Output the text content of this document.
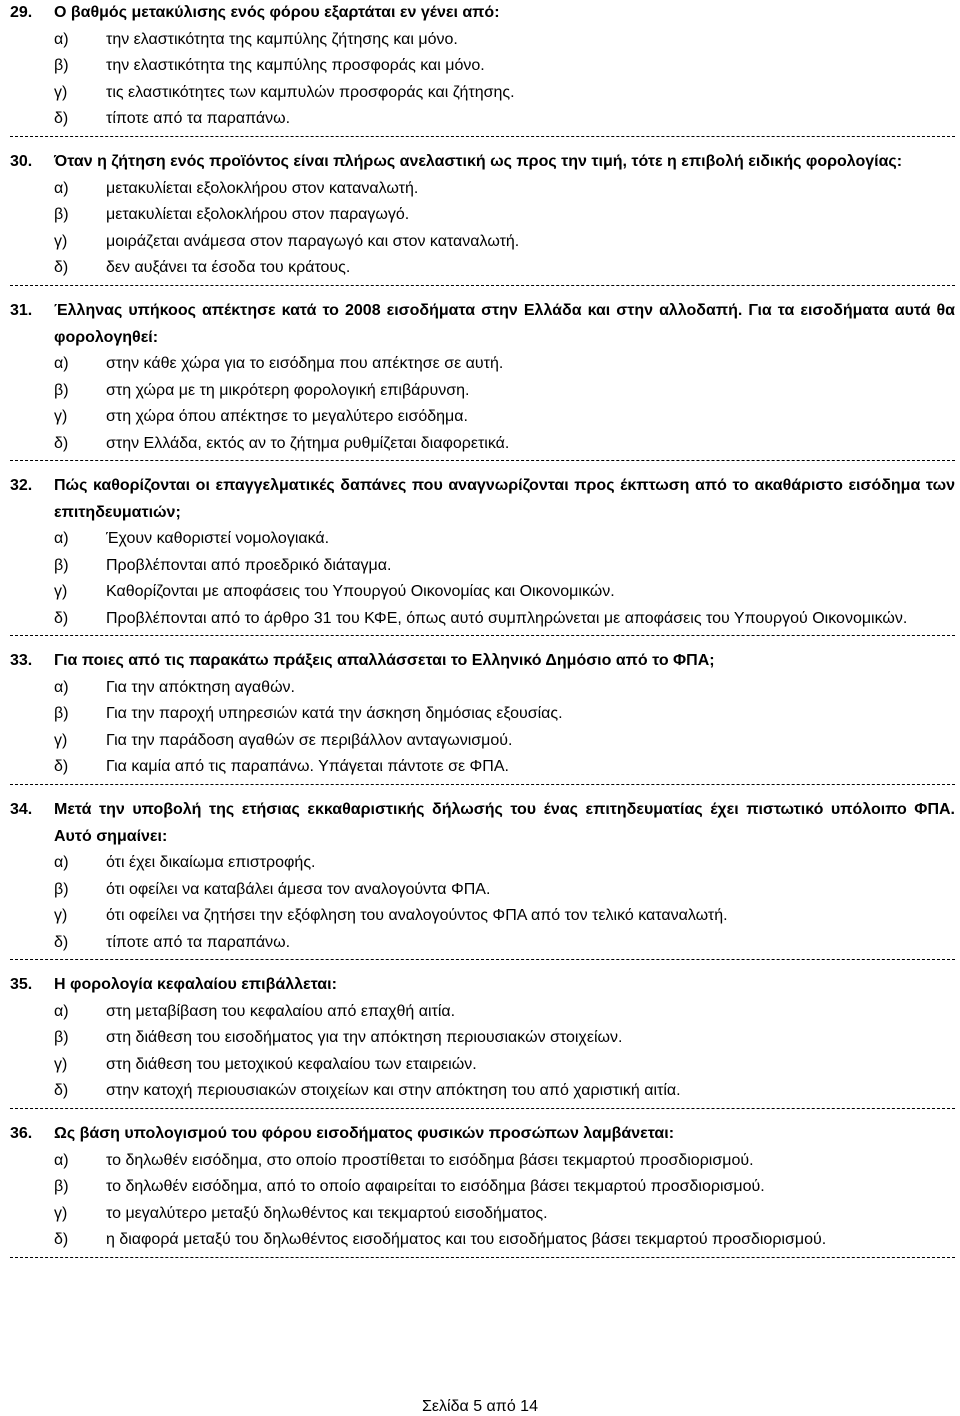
29.	Ο βαθμός μετακύλισης ενός φόρου εξαρτάται εν γένει από:
α)	την ελαστικότητα της καμπύλης ζήτησης και μόνο.
β)	την ελαστικότητα της καμπύλης προσφοράς και μόνο.
γ)	τις ελαστικότητες των καμπυλών προσφοράς και ζήτησης.
δ)	τίποτε από τα παραπάνω.
30.	Όταν η ζήτηση ενός προϊόντος είναι πλήρως ανελαστική ως προς την τιμή, τότε η επιβολή ειδικής φορολογίας:
α)	μετακυλίεται εξολοκλήρου στον καταναλωτή.
β)	μετακυλίεται εξολοκλήρου στον παραγωγό.
γ)	μοιράζεται ανάμεσα στον παραγωγό και στον καταναλωτή.
δ)	δεν αυξάνει τα έσοδα του κράτους.
31.	Έλληνας υπήκοος απέκτησε κατά το 2008 εισοδήματα στην Ελλάδα και στην αλλοδαπή. Για τα εισοδήματα αυτά θα φορολογηθεί:
α)	στην κάθε χώρα για το εισόδημα που απέκτησε σε αυτή.
β)	στη χώρα με τη μικρότερη φορολογική επιβάρυνση.
γ)	στη χώρα όπου απέκτησε το μεγαλύτερο εισόδημα.
δ)	στην Ελλάδα, εκτός αν το ζήτημα ρυθμίζεται διαφορετικά.
32.	Πώς καθορίζονται οι επαγγελματικές δαπάνες που αναγνωρίζονται προς έκπτωση από το ακαθάριστο εισόδημα των επιτηδευματιών;
α)	Έχουν καθοριστεί νομολογιακά.
β)	Προβλέπονται από προεδρικό διάταγμα.
γ)	Καθορίζονται με αποφάσεις του Υπουργού Οικονομίας και Οικονομικών.
δ)	Προβλέπονται από το άρθρο 31 του ΚΦΕ, όπως αυτό συμπληρώνεται με αποφάσεις του Υπουργού Οικονομικών.
33.	Για ποιες από τις παρακάτω πράξεις απαλλάσσεται το Ελληνικό Δημόσιο από το ΦΠΑ;
α)	Για την απόκτηση αγαθών.
β)	Για την παροχή υπηρεσιών κατά την άσκηση δημόσιας εξουσίας.
γ)	Για την παράδοση αγαθών σε περιβάλλον ανταγωνισμού.
δ)	Για καμία από τις παραπάνω. Υπάγεται πάντοτε σε ΦΠΑ.
34.	Μετά την υποβολή της ετήσιας εκκαθαριστικής δήλωσής του ένας επιτηδευματίας έχει πιστωτικό υπόλοιπο ΦΠΑ. Αυτό σημαίνει:
α)	ότι έχει δικαίωμα επιστροφής.
β)	ότι οφείλει να καταβάλει άμεσα τον αναλογούντα ΦΠΑ.
γ)	ότι οφείλει να ζητήσει την εξόφληση του αναλογούντος ΦΠΑ από τον τελικό καταναλωτή.
δ)	τίποτε από τα παραπάνω.
35.	Η φορολογία κεφαλαίου επιβάλλεται:
α)	στη μεταβίβαση του κεφαλαίου από επαχθή αιτία.
β)	στη διάθεση του εισοδήματος για την απόκτηση περιουσιακών στοιχείων.
γ)	στη διάθεση του μετοχικού κεφαλαίου των εταιρειών.
δ)	στην κατοχή περιουσιακών στοιχείων και στην απόκτηση του από χαριστική αιτία.
36.	Ως βάση υπολογισμού του φόρου εισοδήματος φυσικών προσώπων λαμβάνεται:
α)	το δηλωθέν εισόδημα, στο οποίο προστίθεται το εισόδημα βάσει τεκμαρτού προσδιορισμού.
β)	το δηλωθέν εισόδημα, από το οποίο αφαιρείται το εισόδημα βάσει τεκμαρτού προσδιορισμού.
γ)	το μεγαλύτερο μεταξύ δηλωθέντος και τεκμαρτού εισοδήματος.
δ)	η διαφορά μεταξύ του δηλωθέντος εισοδήματος και του εισοδήματος βάσει τεκμαρτού προσδιορισμού.
Σελίδα 5 από 14
